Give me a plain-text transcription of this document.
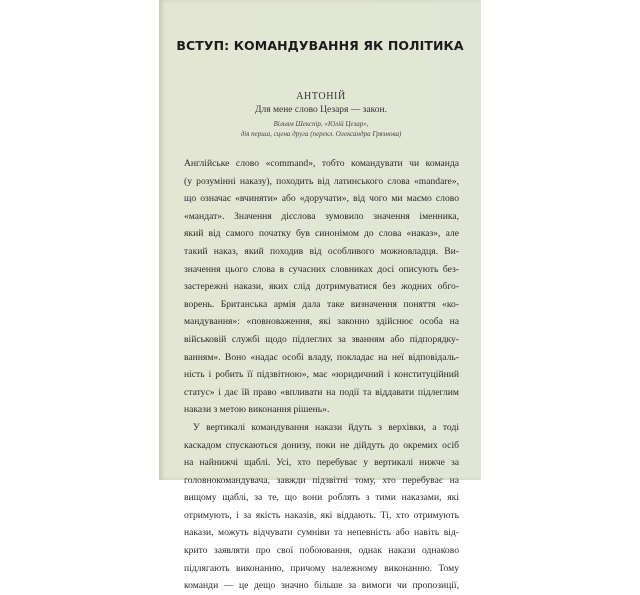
ВСТУП: КОМАНДУВАННЯ ЯК ПОЛІТИКА
АНТОНІЙ
Для мене слово Цезаря — закон.
Вільям Шекспір, «Юлій Цезар»,
дія перша, сцена друга (перекл. Олександра Грязнова)
Англійське слово «command», тобто командувати чи команда
(у розумінні наказу), походить від латинського слова «mandare»,
що означає «вчиняти» або «доручати», від чого ми маємо слово
«мандат». Значення дієслова зумовило значення іменника,
який від самого початку був синонімом до слова «наказ», але
такий наказ, який походив від особливого можновладця. Ви-
значення цього слова в сучасних словниках досі описують без-
застережні накази, яких слід дотримуватися без жодних обго-
ворень. Британська армія дала таке визначення поняття «ко-
мандування»: «повноваження, які законно здійснює особа на
військовій службі щодо підлеглих за званням або підпорядку-
ванням». Воно «надає особі владу, покладає на неї відповідаль-
ність і робить її підзвітною», має «юридичний і конституційний
статус» і дає їй право «впливати на події та віддавати підлеглим
накази з метою виконання рішень».
У вертикалі командування накази йдуть з верхівки, а тоді
каскадом спускаються донизу, поки не дійдуть до окремих осіб
на найнижчі щаблі. Усі, хто перебуває у вертикалі нижче за
головнокомандувача, завжди підзвітні тому, хто перебуває на
вищому щаблі, за те, що вони роблять з тими наказами, які
отримують, і за якість наказів, які віддають. Ті, хто отримують
накази, можуть відчувати сумніви та непевність або навіть від-
крито заявляти про свої побоювання, однак накази однаково
підлягають виконанню, причому належному виконанню. Тому
команди — це дещо значно більше за вимоги чи пропозиції,
